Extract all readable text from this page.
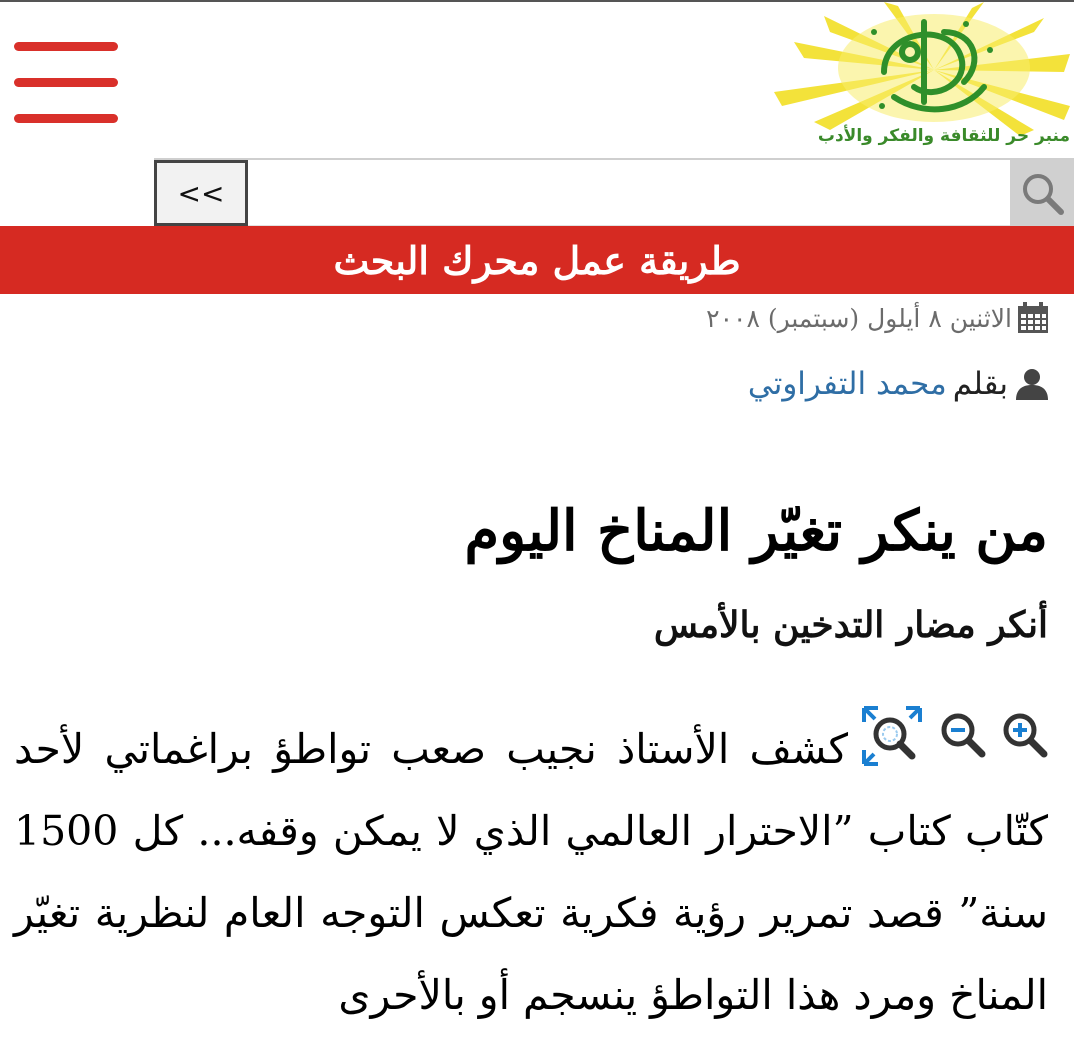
منبر حر للثقافة والفكر والأدب
<<
طريقة عمل محرك البحث
الاثنين ٨ أيلول (سبتمبر) ٢٠٠٨
بقلم
محمد التفراوتي
من ينكر تغيّر المناخ اليوم
أنكر مضار التدخين بالأمس

كشف الأستاذ نجيب صعب تواطؤ براغماتي لأحد كتّاب كتاب ”الاحترار العالمي الذي لا يمكن وقفه... كل 1500 سنة” قصد تمرير رؤية فكرية تعكس التوجه العام لنظرية تغيّر المناخ ومرد هذا التواطؤ ينسجم أو بالأحرى
